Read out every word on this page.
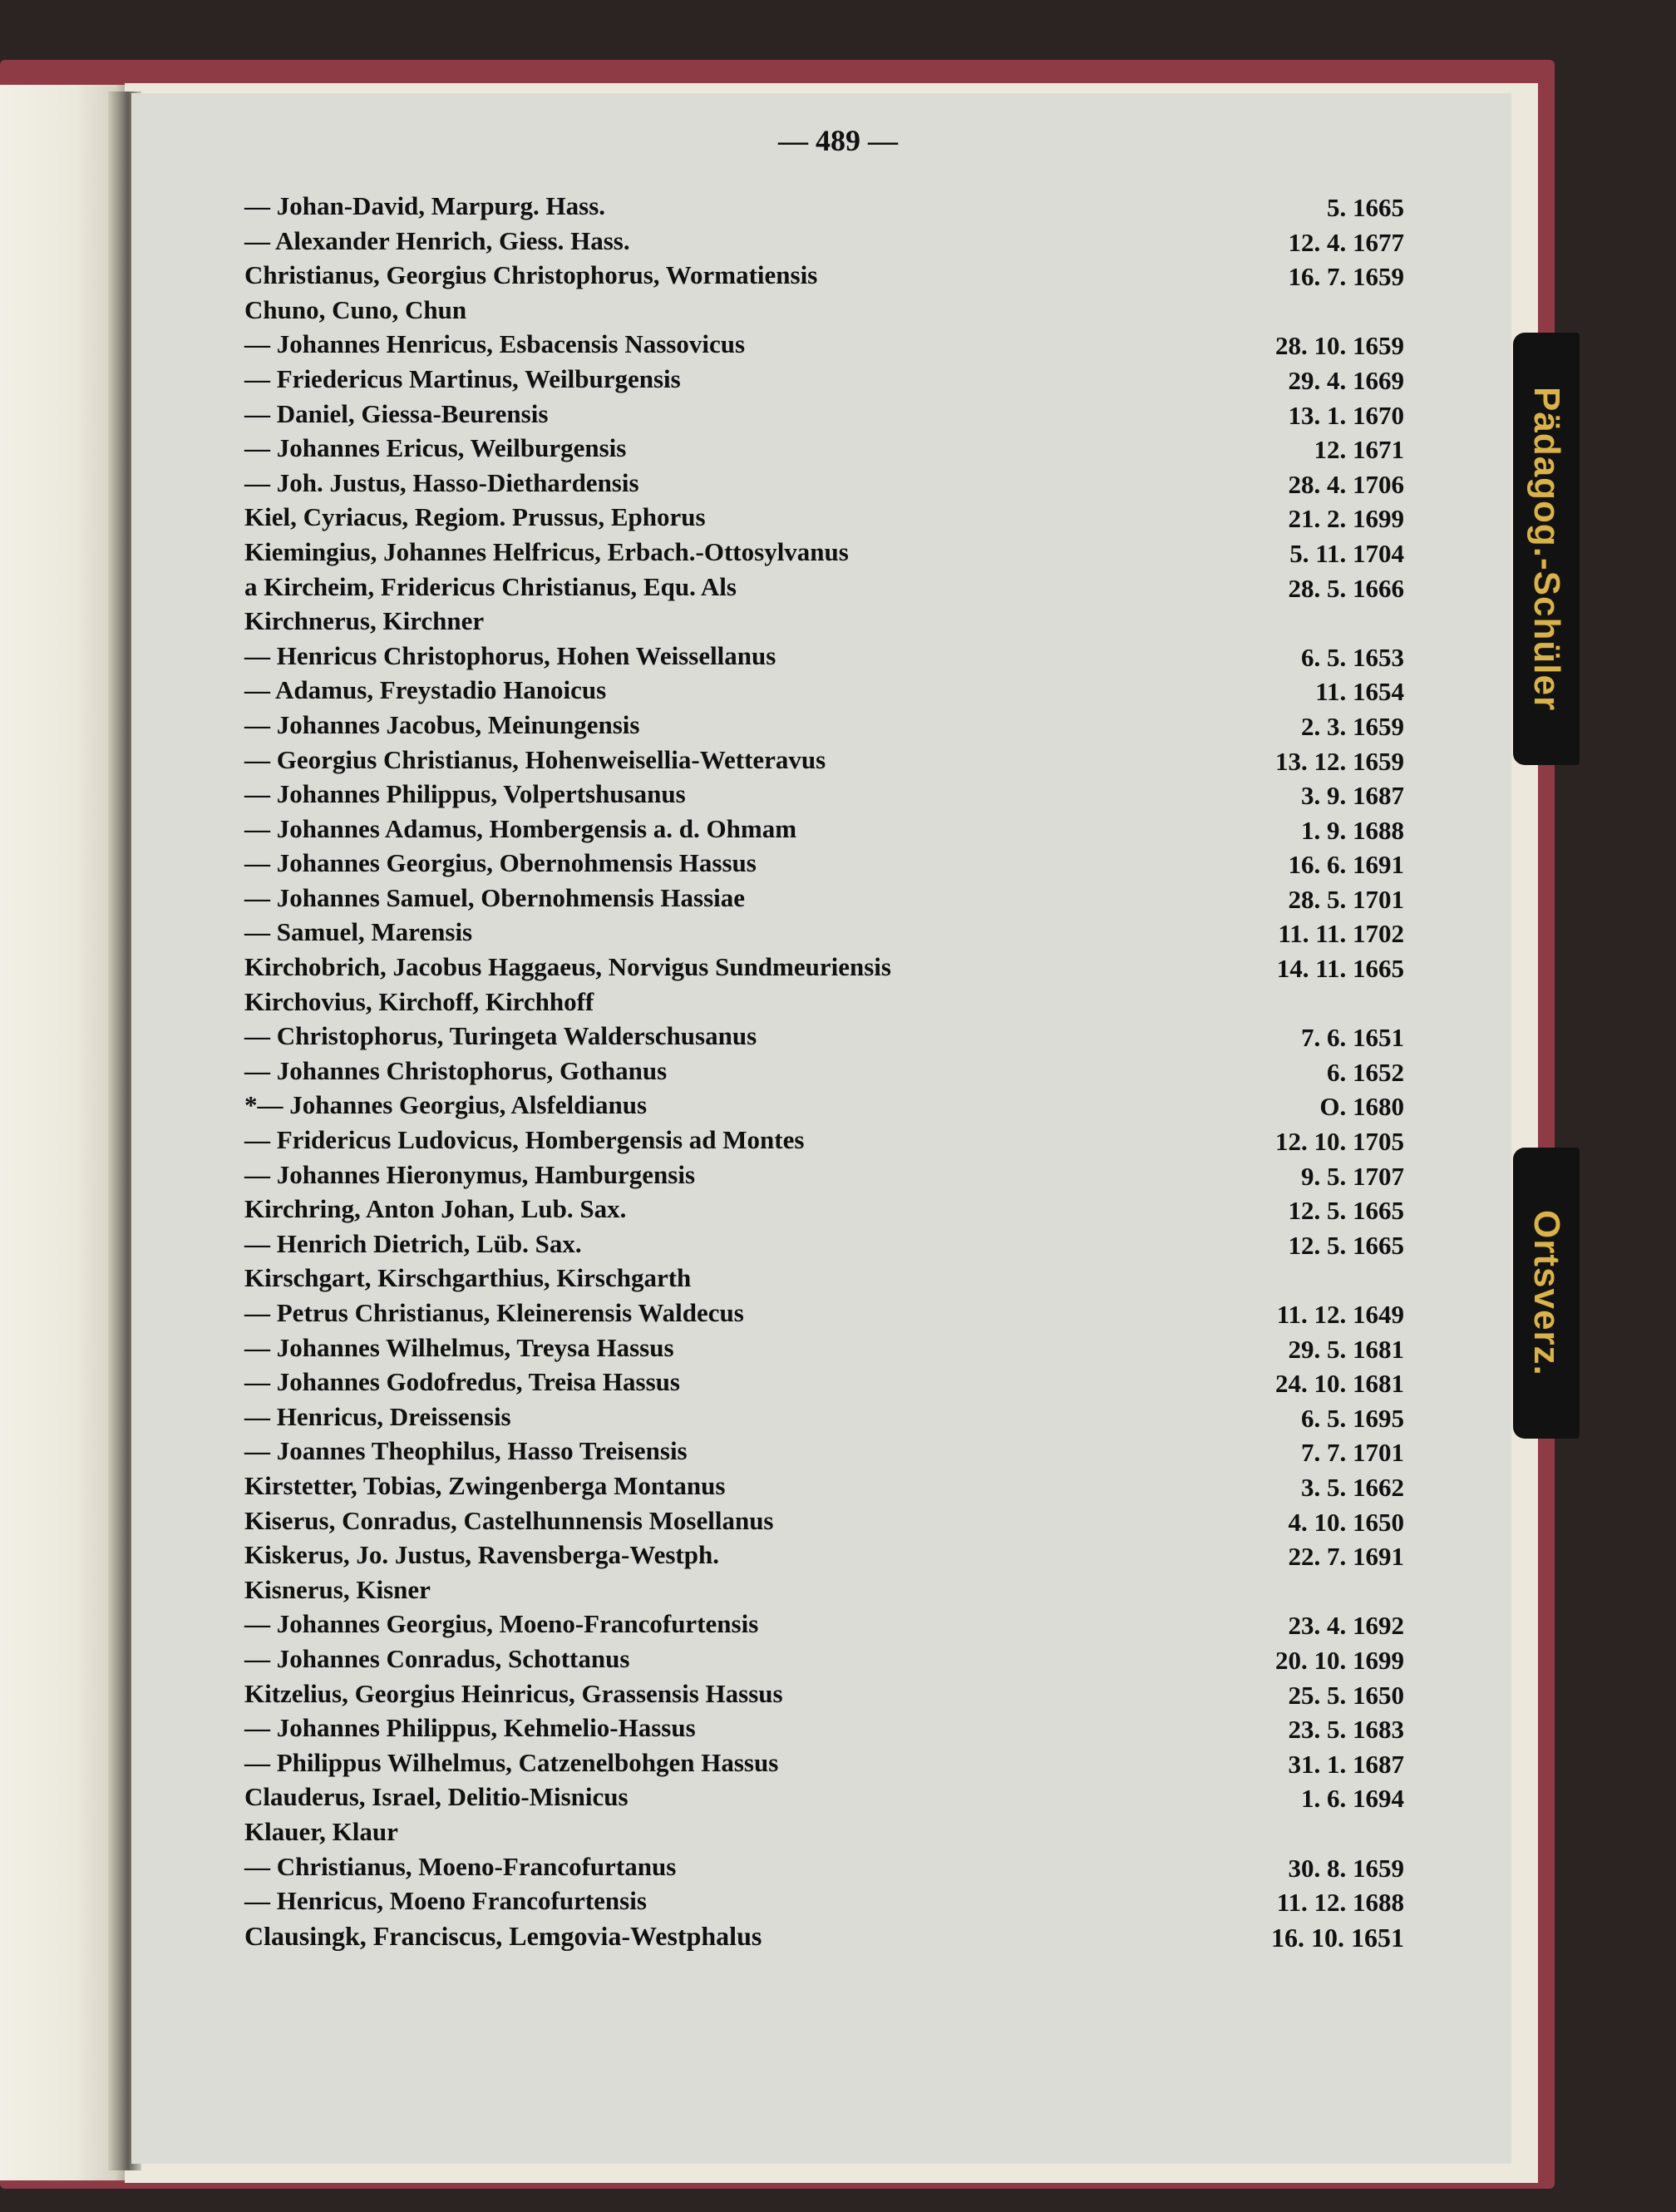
Pädagog.-Schüler
Ortsverz.
— 489 —
— Johan-David, Marpurg. Hass.	5. 1665
— Alexander Henrich, Giess. Hass.	12. 4. 1677
Christianus, Georgius Christophorus, Wormatiensis	16. 7. 1659
Chuno, Cuno, Chun
— Johannes Henricus, Esbacensis Nassovicus	28. 10. 1659
— Friedericus Martinus, Weilburgensis	29. 4. 1669
— Daniel, Giessa-Beurensis	13. 1. 1670
— Johannes Ericus, Weilburgensis	12. 1671
— Joh. Justus, Hasso-Diethardensis	28. 4. 1706
Kiel, Cyriacus, Regiom. Prussus, Ephorus	21. 2. 1699
Kiemingius, Johannes Helfricus, Erbach.-Ottosylvanus	5. 11. 1704
a Kircheim, Fridericus Christianus, Equ. Als	28. 5. 1666
Kirchnerus, Kirchner
— Henricus Christophorus, Hohen Weissellanus	6. 5. 1653
— Adamus, Freystadio Hanoicus	11. 1654
— Johannes Jacobus, Meinungensis	2. 3. 1659
— Georgius Christianus, Hohenweisellia-Wetteravus	13. 12. 1659
— Johannes Philippus, Volpertshusanus	3. 9. 1687
— Johannes Adamus, Hombergensis a. d. Ohmam	1. 9. 1688
— Johannes Georgius, Obernohmensis Hassus	16. 6. 1691
— Johannes Samuel, Obernohmensis Hassiae	28. 5. 1701
— Samuel, Marensis	11. 11. 1702
Kirchobrich, Jacobus Haggaeus, Norvigus Sundmeuriensis	14. 11. 1665
Kirchovius, Kirchoff, Kirchhoff
— Christophorus, Turingeta Walderschusanus	7. 6. 1651
— Johannes Christophorus, Gothanus	6. 1652
*— Johannes Georgius, Alsfeldianus	O. 1680
— Fridericus Ludovicus, Hombergensis ad Montes	12. 10. 1705
— Johannes Hieronymus, Hamburgensis	9. 5. 1707
Kirchring, Anton Johan, Lub. Sax.	12. 5. 1665
— Henrich Dietrich, Lüb. Sax.	12. 5. 1665
Kirschgart, Kirschgarthius, Kirschgarth
— Petrus Christianus, Kleinerensis Waldecus	11. 12. 1649
— Johannes Wilhelmus, Treysa Hassus	29. 5. 1681
— Johannes Godofredus, Treisa Hassus	24. 10. 1681
— Henricus, Dreissensis	6. 5. 1695
— Joannes Theophilus, Hasso Treisensis	7. 7. 1701
Kirstetter, Tobias, Zwingenberga Montanus	3. 5. 1662
Kiserus, Conradus, Castelhunnensis Mosellanus	4. 10. 1650
Kiskerus, Jo. Justus, Ravensberga-Westph.	22. 7. 1691
Kisnerus, Kisner
— Johannes Georgius, Moeno-Francofurtensis	23. 4. 1692
— Johannes Conradus, Schottanus	20. 10. 1699
Kitzelius, Georgius Heinricus, Grassensis Hassus	25. 5. 1650
— Johannes Philippus, Kehmelio-Hassus	23. 5. 1683
— Philippus Wilhelmus, Catzenelbohgen Hassus	31. 1. 1687
Clauderus, Israel, Delitio-Misnicus	1. 6. 1694
Klauer, Klaur
— Christianus, Moeno-Francofurtanus	30. 8. 1659
— Henricus, Moeno Francofurtensis	11. 12. 1688
Clausingk, Franciscus, Lemgovia-Westphalus	16. 10. 1651
